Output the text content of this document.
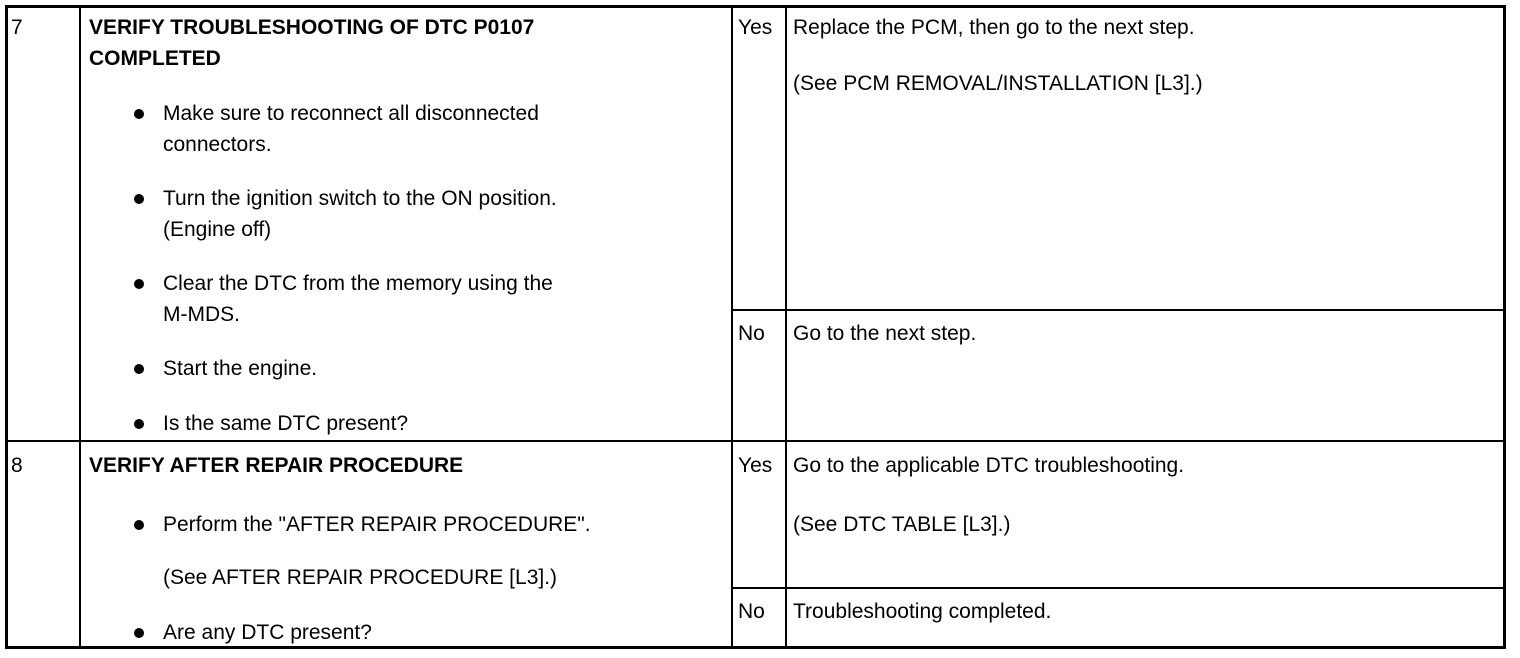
7	VERIFY TROUBLESHOOTING OF DTC P0107
COMPLETED
Make sure to reconnect all disconnected
connectors.
Turn the ignition switch to the ON position.
(Engine off)
Clear the DTC from the memory using the
M-MDS.
Start the engine.
Is the same DTC present?
Yes Replace the PCM, then go to the next step.
(See PCM REMOVAL/INSTALLATION [L3].)
No Go to the next step.
8	VERIFY AFTER REPAIR PROCEDURE
Perform the "AFTER REPAIR PROCEDURE".
(See AFTER REPAIR PROCEDURE [L3].)
Are any DTC present?
Yes Go to the applicable DTC troubleshooting.
(See DTC TABLE [L3].)
No Troubleshooting completed.
